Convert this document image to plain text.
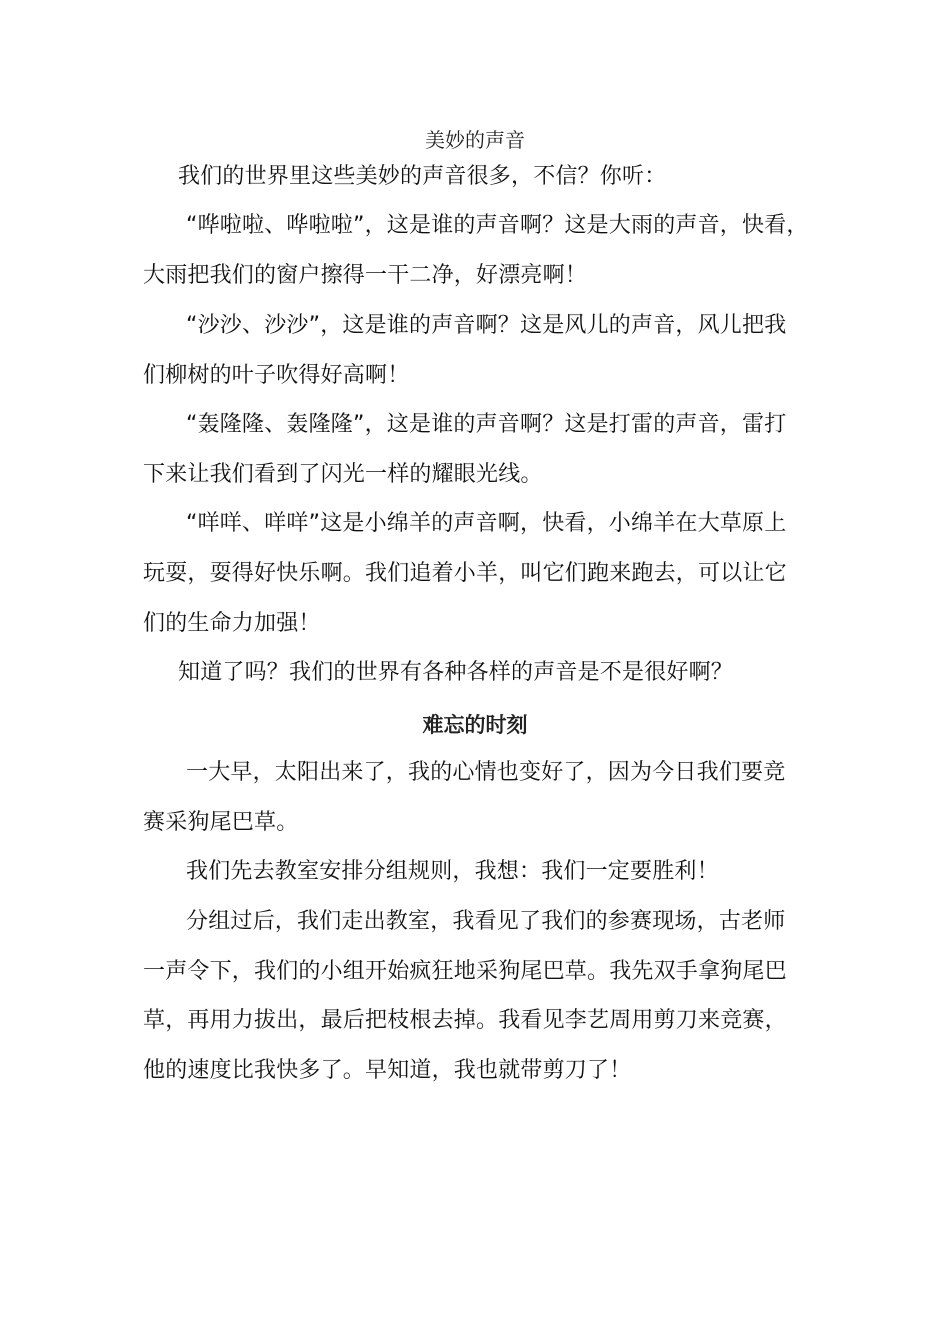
美妙的声音
我们的世界里这些美妙的声音很多，不信？你听：
“哗啦啦、哗啦啦”，这是谁的声音啊？这是大雨的声音，快看，
大雨把我们的窗户擦得一干二净，好漂亮啊！
“沙沙、沙沙”，这是谁的声音啊？这是风儿的声音，风儿把我
们柳树的叶子吹得好高啊！
“轰隆隆、轰隆隆”，这是谁的声音啊？这是打雷的声音，雷打
下来让我们看到了闪光一样的耀眼光线。
“咩咩、咩咩”这是小绵羊的声音啊，快看，小绵羊在大草原上
玩耍，耍得好快乐啊。我们追着小羊，叫它们跑来跑去，可以让它
们的生命力加强！
知道了吗？我们的世界有各种各样的声音是不是很好啊？
难忘的时刻
一大早，太阳出来了，我的心情也变好了，因为今日我们要竞
赛采狗尾巴草。
我们先去教室安排分组规则，我想：我们一定要胜利！
分组过后，我们走出教室，我看见了我们的参赛现场，古老师
一声令下，我们的小组开始疯狂地采狗尾巴草。我先双手拿狗尾巴
草，再用力拔出，最后把枝根去掉。我看见李艺周用剪刀来竞赛，
他的速度比我快多了。早知道，我也就带剪刀了！
